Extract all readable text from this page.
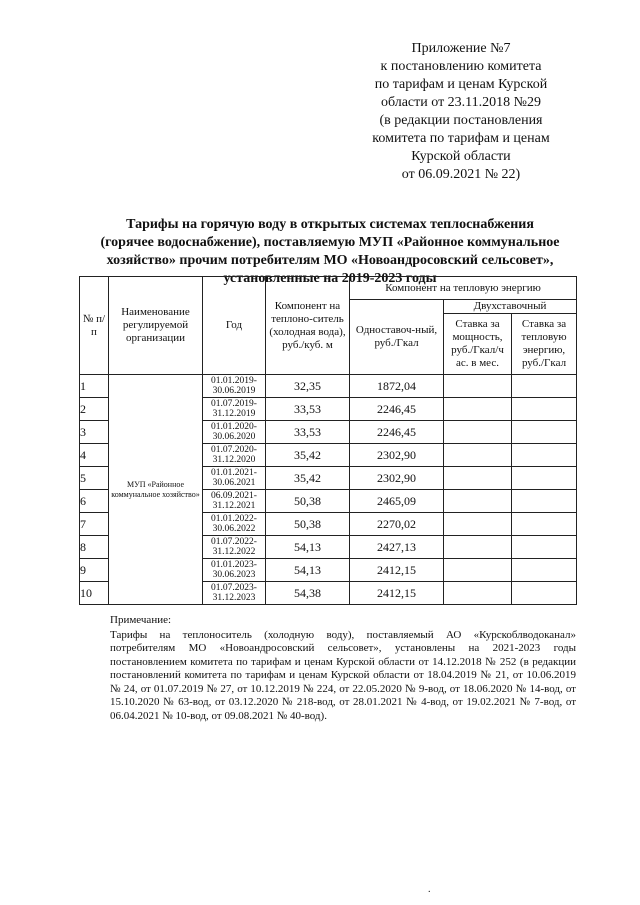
Приложение №7
к постановлению комитета
по тарифам и ценам Курской
области от 23.11.2018 №29
(в редакции постановления
комитета по тарифам и ценам
Курской области
от 06.09.2021 № 22)
Тарифы на горячую воду в открытых системах теплоснабжения
(горячее водоснабжение), поставляемую МУП «Районное коммунальное
хозяйство» прочим потребителям МО «Новоандросовский сельсовет»,
установленные на 2019-2023 годы
№ п/п	Наименование регулируемой организации	Год	Компонент на теплоно-ситель (холодная вода), руб./куб. м	Компонент на тепловую энергию		
				Одноставоч-ный, руб./Гкал	Двухставочный	
					Ставка за мощность, руб./Гкал/ч ас. в мес.	Ставка за тепловую энергию, руб./Гкал
1	МУП «Районное коммунальное хозяйство»	01.01.2019-30.06.2019	32,35	1872,04		
2		01.07.2019-31.12.2019	33,53	2246,45		
3		01.01.2020-30.06.2020	33,53	2246,45		
4		01.07.2020-31.12.2020	35,42	2302,90		
5		01.01.2021-30.06.2021	35,42	2302,90		
6		06.09.2021-31.12.2021	50,38	2465,09		
7		01.01.2022-30.06.2022	50,38	2270,02		
8		01.07.2022-31.12.2022	54,13	2427,13		
9		01.01.2023-30.06.2023	54,13	2412,15		
10		01.07.2023-31.12.2023	54,38	2412,15		
Примечание:
Тарифы на теплоноситель (холодную воду), поставляемый АО «Курскоблводоканал» потребителям МО «Новоандросовский сельсовет», установлены на 2021-2023 годы постановлением комитета по тарифам и ценам Курской области от 14.12.2018 № 252 (в редакции постановлений комитета по тарифам и ценам Курской области от 18.04.2019 № 21, от 10.06.2019 № 24, от 01.07.2019 № 27, от 10.12.2019 № 224, от 22.05.2020 № 9-вод, от 18.06.2020 № 14-вод, от 15.10.2020 № 63-вод, от 03.12.2020 № 218-вод, от 28.01.2021 № 4-вод, от 19.02.2021 № 7-вод, от 06.04.2021 № 10-вод, от 09.08.2021 № 40-вод).
.
